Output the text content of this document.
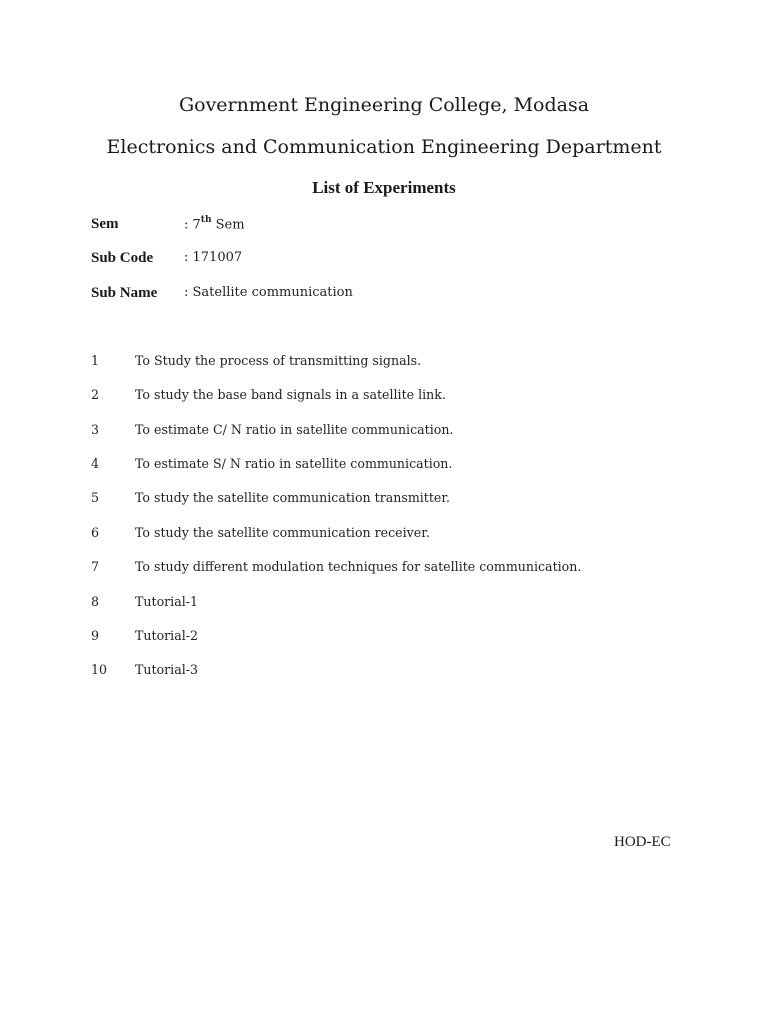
Government Engineering College, Modasa
Electronics and Communication Engineering Department
List of Experiments
Sem	: 7th Sem
Sub Code : 171007
Sub Name : Satellite communication
1	To Study the process of transmitting signals.
2	To study the base band signals in a satellite link.
3	To estimate C/ N ratio in satellite communication.
4	To estimate S/ N ratio in satellite communication.
5	To study the satellite communication transmitter.
6	To study the satellite communication receiver.
7	To study different modulation techniques for satellite communication.
8	Tutorial-1
9	Tutorial-2
10 Tutorial-3
HOD-EC
